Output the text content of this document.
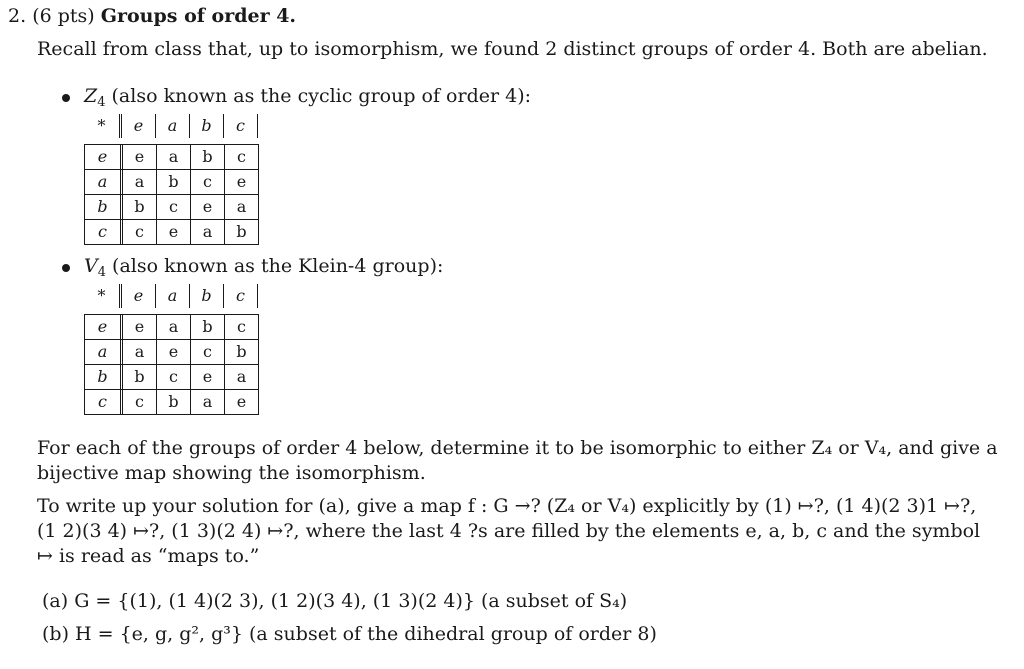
2. (6 pts) Groups of order 4.
Recall from class that, up to isomorphism, we found 2 distinct groups of order 4. Both are abelian.
$Z_4$ (also known as the cyclic group of order 4):
*	e	a	b	c
e	e	a	b	c
a	a	b	c	e
b	b	c	e	a
c	c	e	a	b
$V_4$ (also known as the Klein-4 group):
*	e	a	b	c
e	e	a	b	c
a	a	e	c	b
b	b	c	e	a
c	c	b	a	e
For each of the groups of order 4 below, determine it to be isomorphic to either Z₄ or V₄, and give a
bijective map showing the isomorphism.
To write up your solution for (a), give a map f : G →? (Z₄ or V₄) explicitly by (1) ↦?, (1 4)(2 3)1 ↦?,
(1 2)(3 4) ↦?, (1 3)(2 4) ↦?, where the last 4 ?s are filled by the elements e, a, b, c and the symbol
↦ is read as “maps to.”
(a) G = {(1), (1 4)(2 3), (1 2)(3 4), (1 3)(2 4)} (a subset of S₄)
(b) H = {e, g, g², g³} (a subset of the dihedral group of order 8)
